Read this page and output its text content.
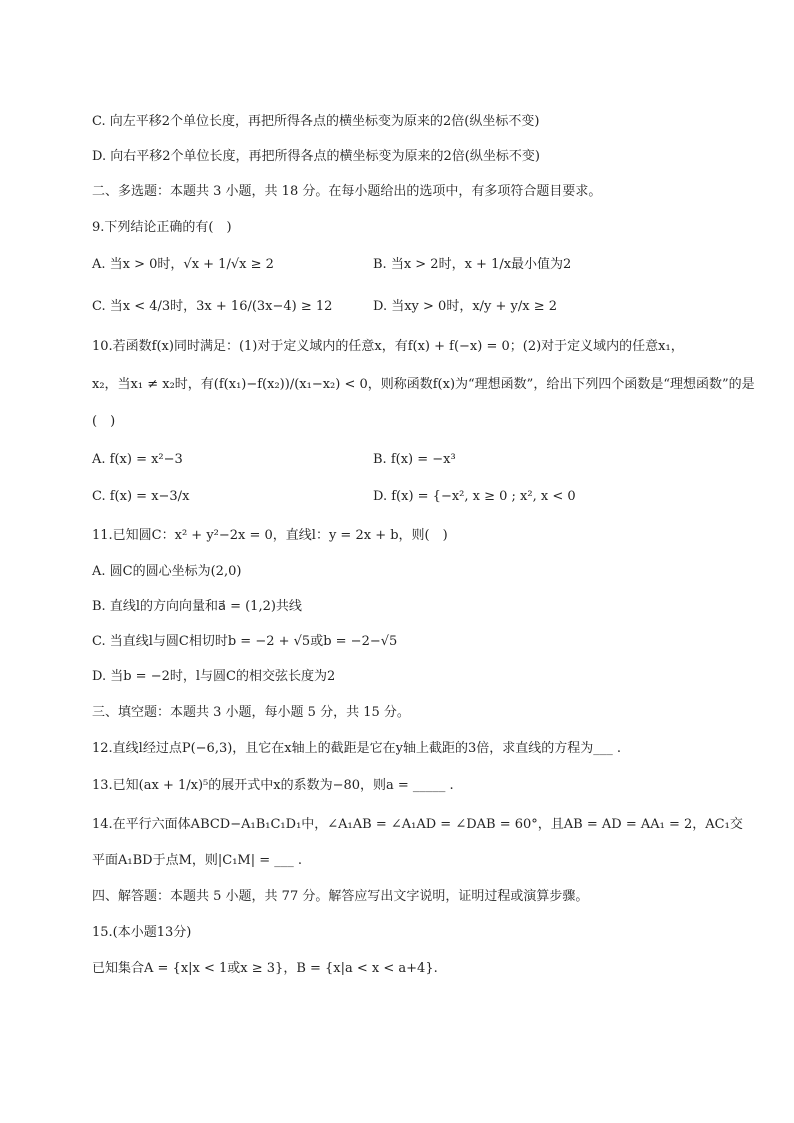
C. 向左平移2个单位长度，再把所得各点的横坐标变为原来的2倍(纵坐标不变)
D. 向右平移2个单位长度，再把所得各点的横坐标变为原来的2倍(纵坐标不变)
二、多选题：本题共 3 小题，共 18 分。在每小题给出的选项中，有多项符合题目要求。
9.下列结论正确的有(　)
A. 当x > 0时，√x + 1/√x ≥ 2	B. 当x > 2时，x + 1/x最小值为2
C. 当x < 4/3时，3x + 16/(3x−4) ≥ 12	D. 当xy > 0时，x/y + y/x ≥ 2
10.若函数f(x)同时满足：(1)对于定义域内的任意x，有f(x) + f(−x) = 0；(2)对于定义域内的任意x₁，
x₂，当x₁ ≠ x₂时，有(f(x₁)−f(x₂))/(x₁−x₂) < 0，则称函数f(x)为“理想函数”，给出下列四个函数是“理想函数”的是
(　)
A. f(x) = x²−3	B. f(x) = −x³
C. f(x) = x−3/x	D. f(x) = {−x², x ≥ 0 ; x², x < 0
11.已知圆C：x² + y²−2x = 0，直线l：y = 2x + b，则(　)
A. 圆C的圆心坐标为(2,0)
B. 直线l的方向向量和a⃗ = (1,2)共线
C. 当直线l与圆C相切时b = −2 + √5或b = −2−√5
D. 当b = −2时，l与圆C的相交弦长度为2
三、填空题：本题共 3 小题，每小题 5 分，共 15 分。
12.直线l经过点P(−6,3)，且它在x轴上的截距是它在y轴上截距的3倍，求直线的方程为___ .
13.已知(ax + 1/x)⁵的展开式中x的系数为−80，则a = _____ .
14.在平行六面体ABCD−A₁B₁C₁D₁中，∠A₁AB = ∠A₁AD = ∠DAB = 60°，且AB = AD = AA₁ = 2，AC₁交
平面A₁BD于点M，则|C₁M| = ___ .
四、解答题：本题共 5 小题，共 77 分。解答应写出文字说明，证明过程或演算步骤。
15.(本小题13分)
已知集合A = {x|x < 1或x ≥ 3}，B = {x|a < x < a+4}.
